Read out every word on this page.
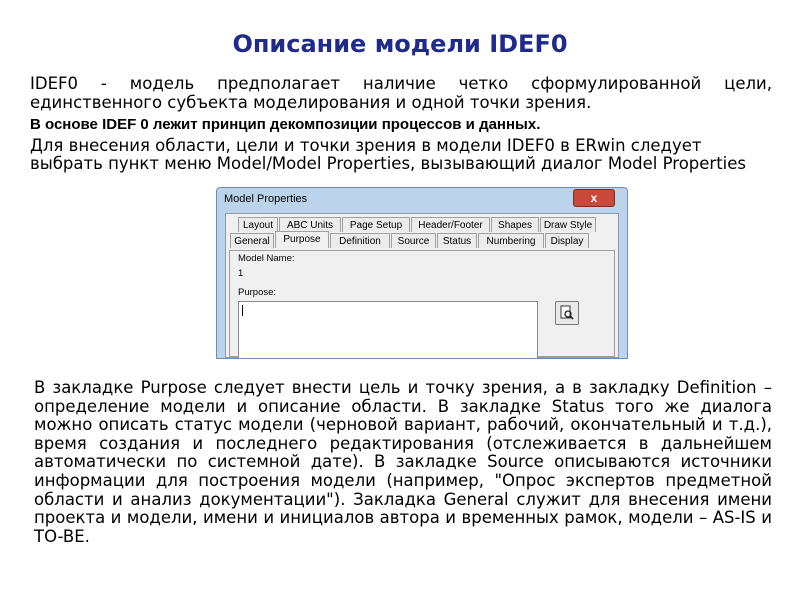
Описание модели IDEF0
IDEF0 - модель предполагает наличие четко сформулированной цели, единственного субъекта моделирования и одной точки зрения.
В основе IDEF 0 лежит принцип декомпозиции процессов и данных.
Для внесения области, цели и точки зрения в модели IDEF0 в ERwin следует выбрать пункт меню Model/Model Properties, вызывающий диалог Model Properties
Model Properties	x
Layout	ABC Units	Page Setup	Header/Footer	Shapes	Draw Style
General	Purpose	Definition	Source	Status	Numbering	Display
Model Name:
1
Purpose:
В закладке Purpose следует внести цель и точку зрения, а в закладку Definition – определение модели и описание области. В закладке Status того же диалога можно описать статус модели (черновой вариант, рабочий, окончательный и т.д.), время создания и последнего редактирования (отслеживается в дальнейшем автоматически по системной дате). В закладке Source описываются источники информации для построения модели (например, "Опрос экспертов предметной области и анализ документации"). Закладка General служит для внесения имени проекта и модели, имени и инициалов автора и временных рамок, модели – AS-IS и TO-BE.
